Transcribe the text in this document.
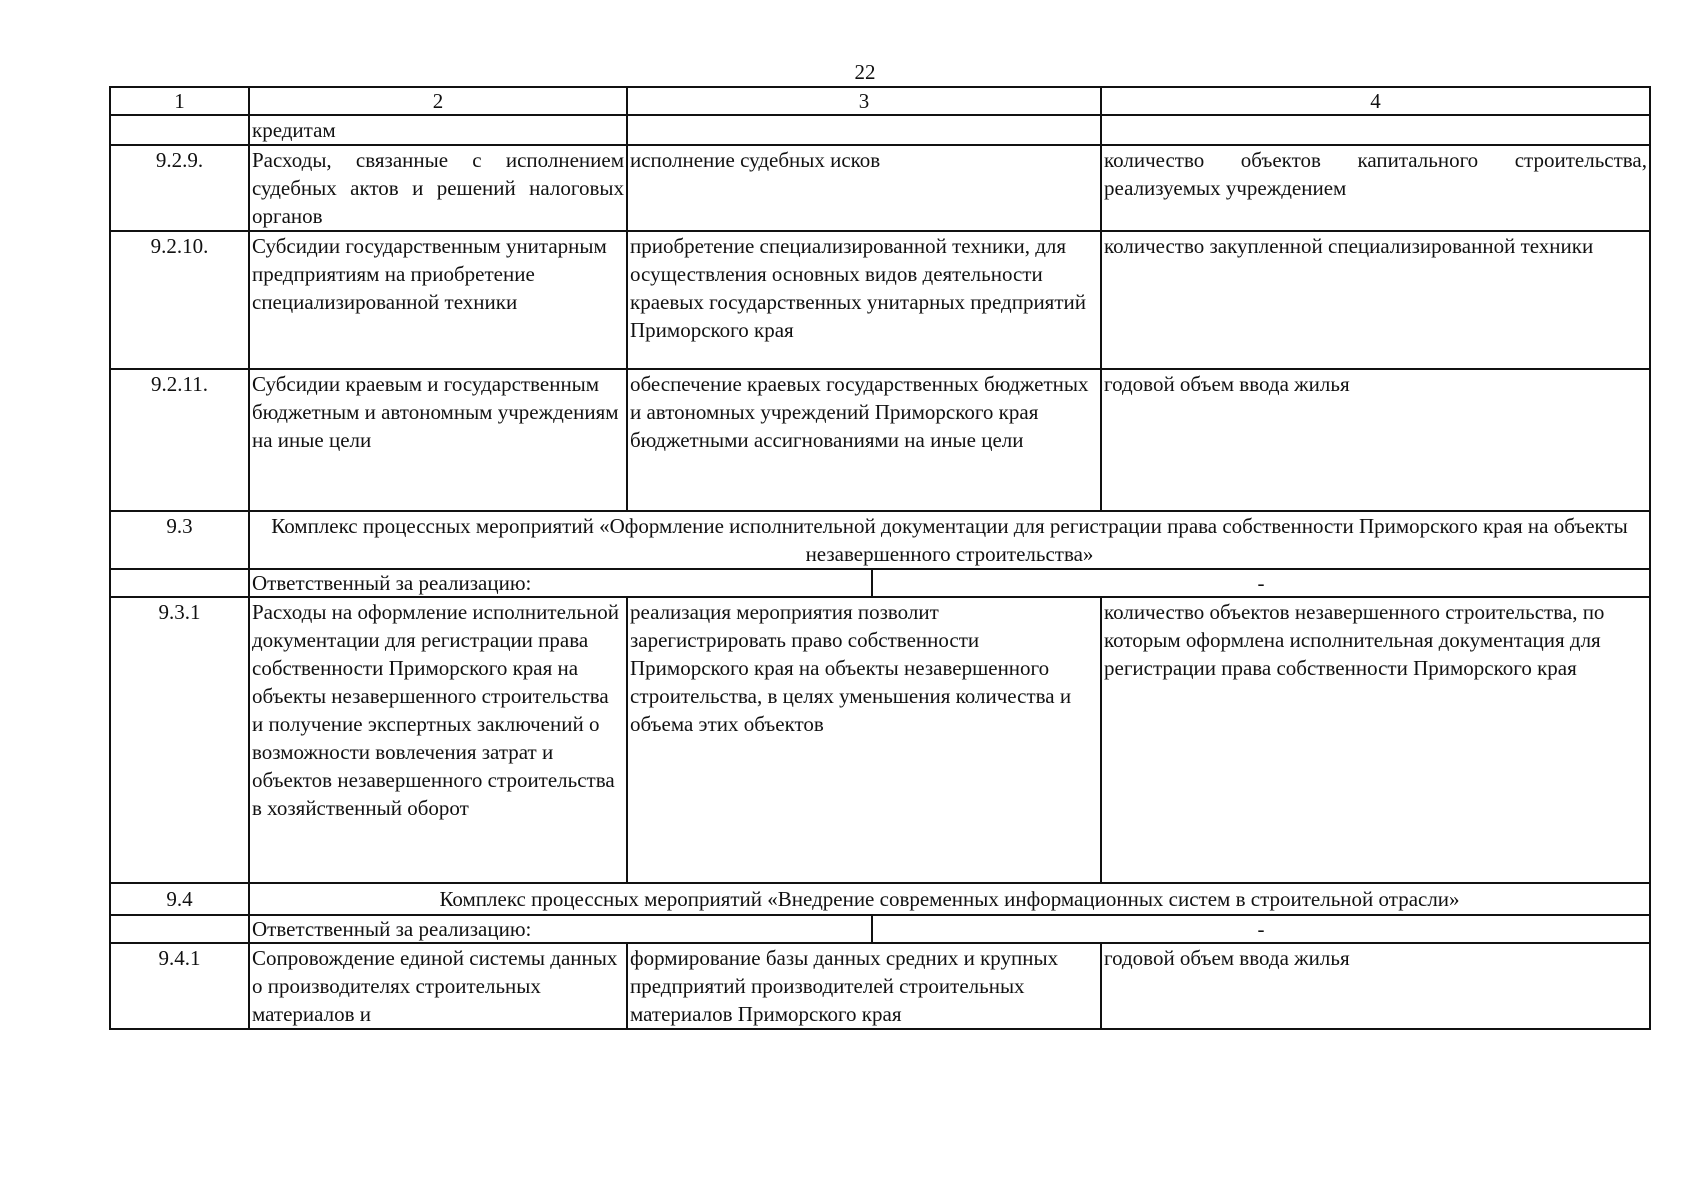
22
1	2	3		4
	кредитам			
9.2.9.	Расходы, связанные с исполнением судебных актов и решений налоговых органов	исполнение судебных исков		количество объектов капитального строительства, реализуемых учреждением
9.2.10.	Субсидии государственным унитарным предприятиям на приобретение специализированной техники	приобретение специализированной техники, для осуществления основных видов деятельности краевых государственных унитарных предприятий Приморского края		количество закупленной специализированной техники
9.2.11.	Субсидии краевым и государственным бюджетным и автономным учреждениям на иные цели	обеспечение краевых государственных бюджетных и автономных учреждений Приморского края бюджетными ассигнованиями на иные цели		годовой объем ввода жилья
9.3	Комплекс процессных мероприятий «Оформление исполнительной документации для регистрации права собственности Приморского края на объекты незавершенного строительства»			
	Ответственный за реализацию:		-	
9.3.1	Расходы на оформление исполнительной документации для регистрации права собственности Приморского края на объекты незавершенного строительства и получение экспертных заключений о возможности вовлечения затрат и объектов незавершенного строительства в хозяйственный оборот	реализация мероприятия позволит зарегистрировать право собственности Приморского края на объекты незавершенного строительства, в целях уменьшения количества и объема этих объектов		количество объектов незавершенного строительства, по которым оформлена исполнительная документация для регистрации права собственности Приморского края
9.4	Комплекс процессных мероприятий «Внедрение современных информационных систем в строительной отрасли»			
	Ответственный за реализацию:		-	
9.4.1	Сопровождение единой системы данных о производителях строительных материалов и	формирование базы данных средних и крупных предприятий производителей строительных материалов Приморского края		годовой объем ввода жилья
